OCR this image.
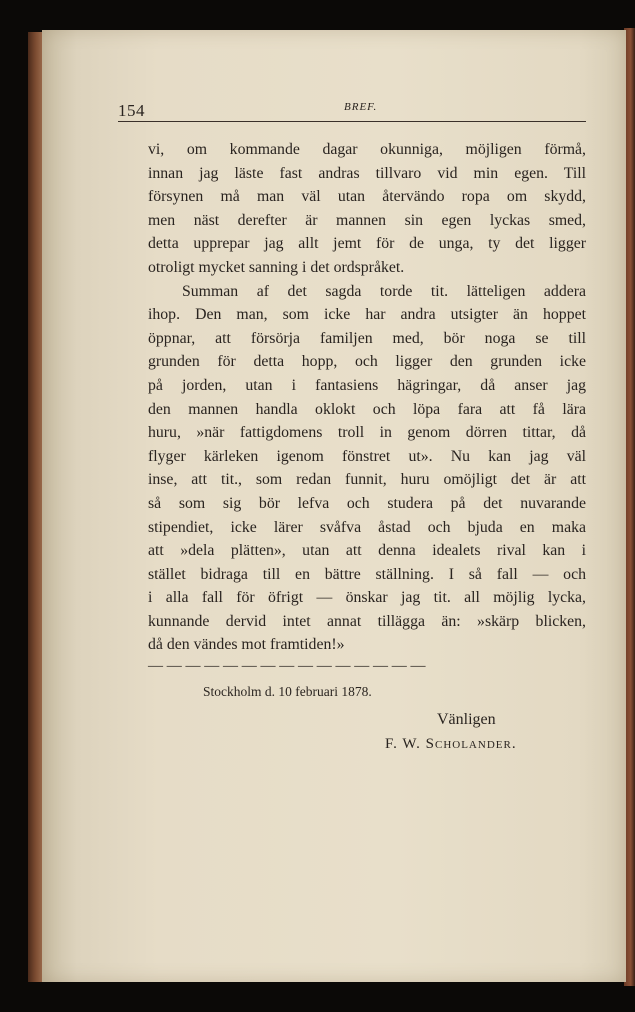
154	BREF.
vi, om kommande dagar okunniga, möjligen förmå,
innan jag läste fast andras tillvaro vid min egen. Till
försynen må man väl utan återvändo ropa om skydd,
men näst derefter är mannen sin egen lyckas smed,
detta upprepar jag allt jemt för de unga, ty det ligger
otroligt mycket sanning i det ordspråket.
Summan af det sagda torde tit. lätteligen addera
ihop. Den man, som icke har andra utsigter än hoppet
öppnar, att försörja familjen med, bör noga se till
grunden för detta hopp, och ligger den grunden icke
på jorden, utan i fantasiens hägringar, då anser jag
den mannen handla oklokt och löpa fara att få lära
huru, »när fattigdomens troll in genom dörren tittar, då
flyger kärleken igenom fönstret ut». Nu kan jag väl
inse, att tit., som redan funnit, huru omöjligt det är att
så som sig bör lefva och studera på det nuvarande
stipendiet, icke lärer svåfva åstad och bjuda en maka
att »dela plätten», utan att denna idealets rival kan i
stället bidraga till en bättre ställning. I så fall — och
i alla fall för öfrigt — önskar jag tit. all möjlig lycka,
kunnande dervid intet annat tillägga än: »skärp blicken,
då den vändes mot framtiden!»
— — — — — — — — — — — — — — —
Stockholm d. 10 februari 1878.
Vänligen
F. W. Scholander.
